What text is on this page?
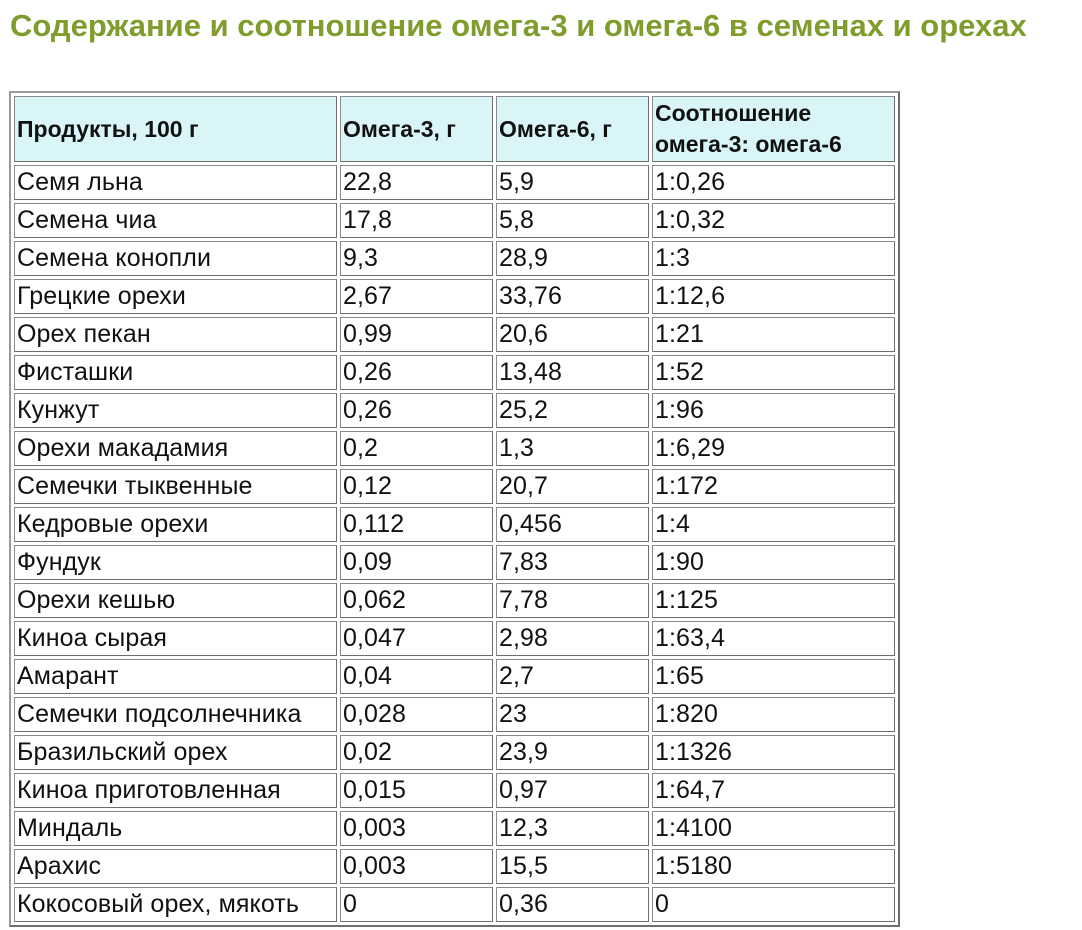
Содержание и соотношение омега-3 и омега-6 в семенах и орехах
Продукты, 100 г	Омега-3, г	Омега-6, г	Соотношение омега-3: омега-6
Семя льна	22,8	5,9	1:0,26
Семена чиа	17,8	5,8	1:0,32
Семена конопли	9,3	28,9	1:3
Грецкие орехи	2,67	33,76	1:12,6
Орех пекан	0,99	20,6	1:21
Фисташки	0,26	13,48	1:52
Кунжут	0,26	25,2	1:96
Орехи макадамия	0,2	1,3	1:6,29
Семечки тыквенные	0,12	20,7	1:172
Кедровые орехи	0,112	0,456	1:4
Фундук	0,09	7,83	1:90
Орехи кешью	0,062	7,78	1:125
Киноа сырая	0,047	2,98	1:63,4
Амарант	0,04	2,7	1:65
Семечки подсолнечника	0,028	23	1:820
Бразильский орех	0,02	23,9	1:1326
Киноа приготовленная	0,015	0,97	1:64,7
Миндаль	0,003	12,3	1:4100
Арахис	0,003	15,5	1:5180
Кокосовый орех, мякоть	0	0,36	0
